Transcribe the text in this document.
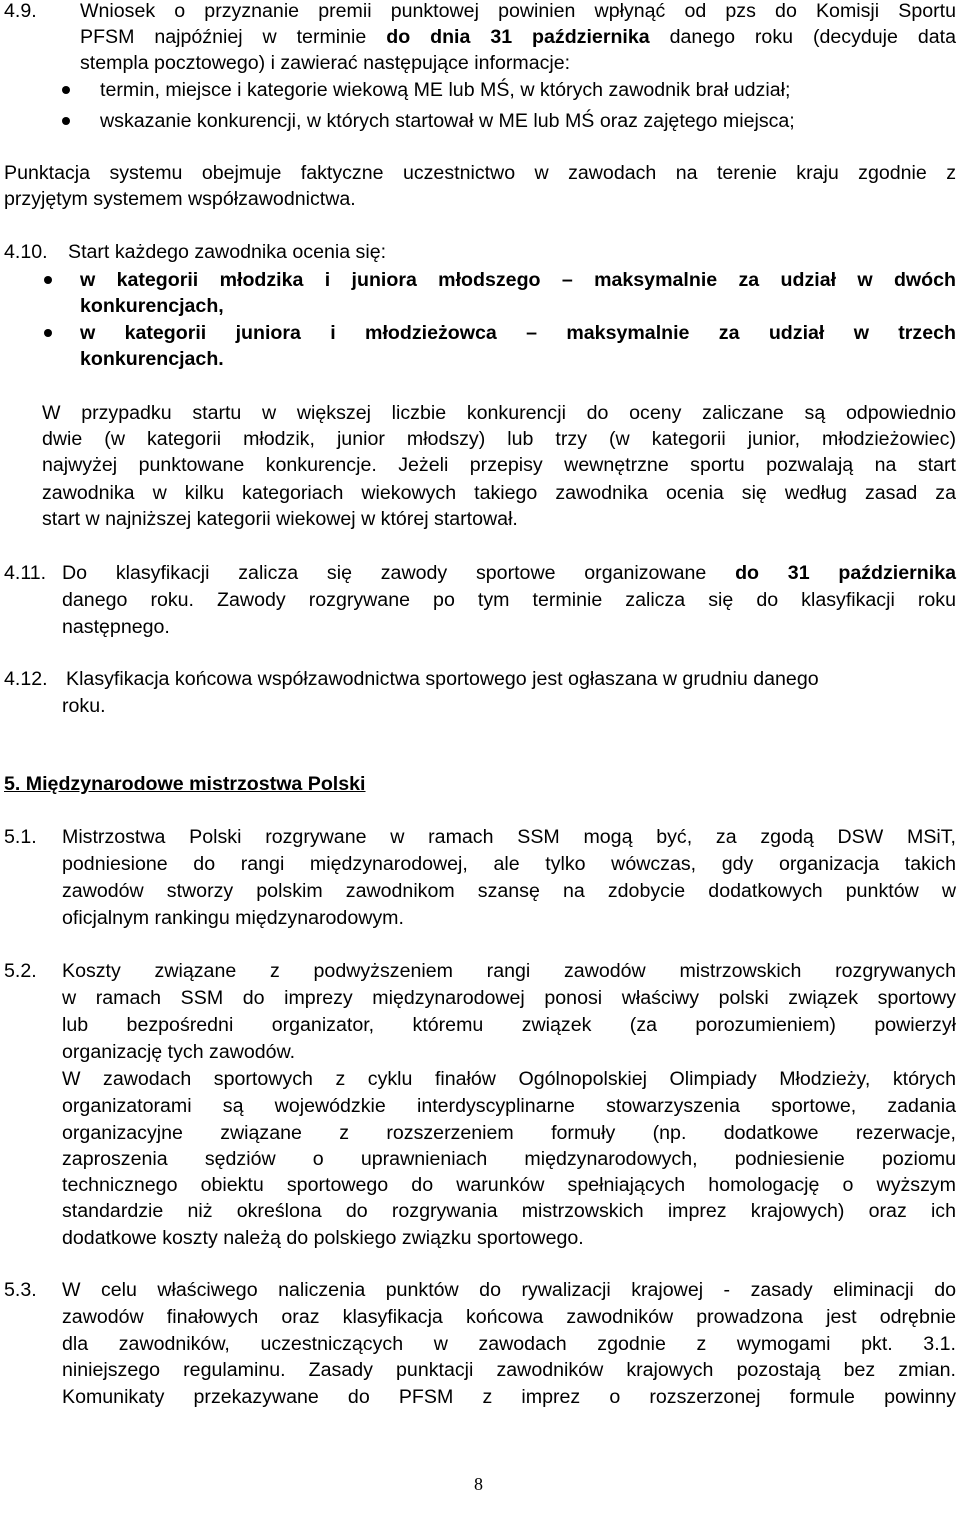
4.9. Wniosek o przyznanie premii punktowej powinien wpłynąć od pzs do Komisji Sportu
PFSM najpóźniej w terminie do dnia 31 października danego roku (decyduje data
stempla pocztowego) i zawierać następujące informacje:
termin, miejsce i kategorie wiekową ME lub MŚ, w których zawodnik brał udział;
wskazanie konkurencji, w których startował w ME lub MŚ oraz zajętego miejsca;
Punktacja systemu obejmuje faktyczne uczestnictwo w zawodach na terenie kraju zgodnie z
przyjętym systemem współzawodnictwa.
4.10. Start każdego zawodnika ocenia się:
w kategorii młodzika i juniora młodszego – maksymalnie za udział w dwóch
konkurencjach,
w kategorii juniora i młodzieżowca – maksymalnie za udział w trzech
konkurencjach.
W przypadku startu w większej liczbie konkurencji do oceny zaliczane są odpowiednio
dwie (w kategorii młodzik, junior młodszy) lub trzy (w kategorii junior, młodzieżowiec)
najwyżej punktowane konkurencje. Jeżeli przepisy wewnętrzne sportu pozwalają na start
zawodnika w kilku kategoriach wiekowych takiego zawodnika ocenia się według zasad za
start w najniższej kategorii wiekowej w której startował.
4.11. Do klasyfikacji zalicza się zawody sportowe organizowane do 31 października
danego roku. Zawody rozgrywane po tym terminie zalicza się do klasyfikacji roku
następnego.
4.12. Klasyfikacja końcowa współzawodnictwa sportowego jest ogłaszana w grudniu danego
roku.
5. Międzynarodowe mistrzostwa Polski
5.1. Mistrzostwa Polski rozgrywane w ramach SSM mogą być, za zgodą DSW MSiT,
podniesione do rangi międzynarodowej, ale tylko wówczas, gdy organizacja takich
zawodów stworzy polskim zawodnikom szansę na zdobycie dodatkowych punktów w
oficjalnym rankingu międzynarodowym.
5.2. Koszty związane z podwyższeniem rangi zawodów mistrzowskich rozgrywanych
w ramach SSM do imprezy międzynarodowej ponosi właściwy polski związek sportowy
lub bezpośredni organizator, któremu związek (za porozumieniem) powierzył
organizację tych zawodów.
W zawodach sportowych z cyklu finałów Ogólnopolskiej Olimpiady Młodzieży, których
organizatorami są wojewódzkie interdyscyplinarne stowarzyszenia sportowe, zadania
organizacyjne związane z rozszerzeniem formuły (np. dodatkowe rezerwacje,
zaproszenia sędziów o uprawnieniach międzynarodowych, podniesienie poziomu
technicznego obiektu sportowego do warunków spełniających homologację o wyższym
standardzie niż określona do rozgrywania mistrzowskich imprez krajowych) oraz ich
dodatkowe koszty należą do polskiego związku sportowego.
5.3. W celu właściwego naliczenia punktów do rywalizacji krajowej - zasady eliminacji do
zawodów finałowych oraz klasyfikacja końcowa zawodników prowadzona jest odrębnie
dla zawodników, uczestniczących w zawodach zgodnie z wymogami pkt. 3.1.
niniejszego regulaminu. Zasady punktacji zawodników krajowych pozostają bez zmian.
Komunikaty przekazywane do PFSM z imprez o rozszerzonej formule powinny
8
